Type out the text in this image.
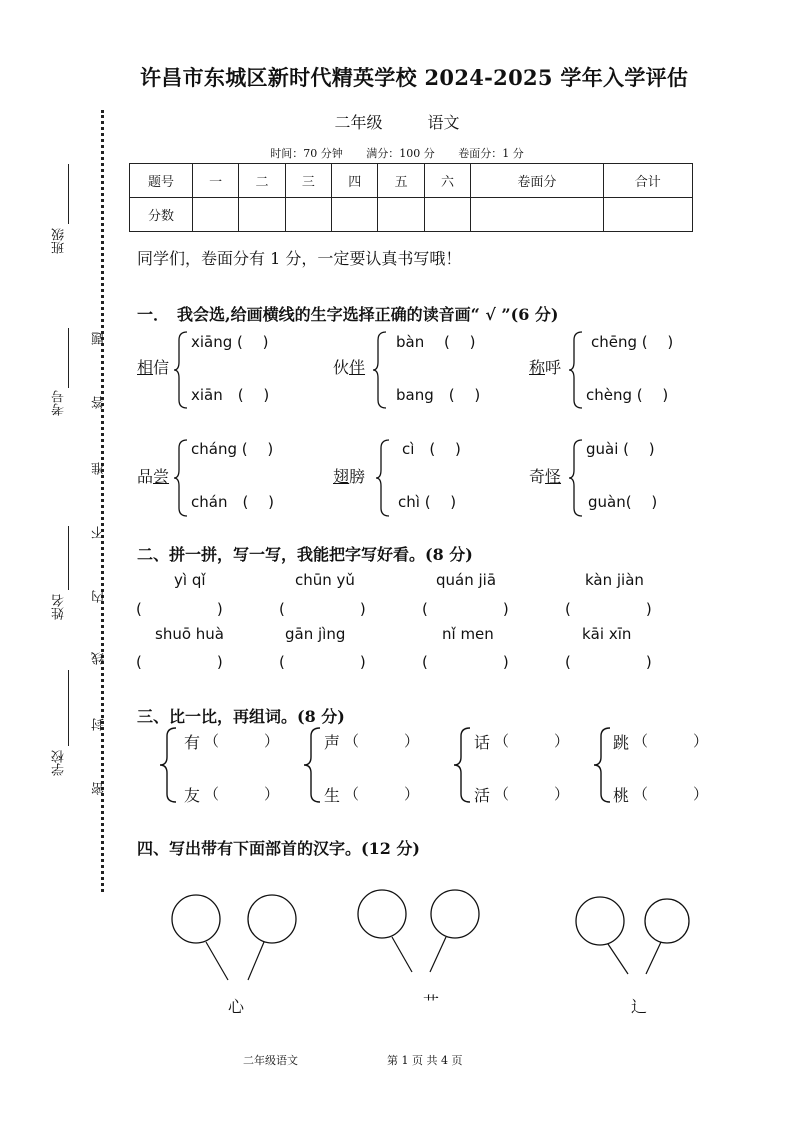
许昌市东城区新时代精英学校 2024-2025 学年入学评估
二年级	语文
时间：70 分钟 满分：100 分 卷面分：1 分
题号	一	二	三	四	五	六	卷面分	合计
分数								
同学们，卷面分有 1 分，一定要认真书写哦！
班级
考号
姓名
学校
密
封
线
内
不
准
答
题
一．　我会选,给画横线的生字选择正确的读音画“ √ ”(6 分)
相信
xiāng (　 )
xiān　(　 )
伙伴
bàn　 (　 )
bang　(　 )
称呼
chēng (　 )
chèng (　 )
品尝
cháng (　 )
chán　(　 )
翅膀
cì　(　 )
chì (　 )
奇怪
guài (　 )
guàn(　 )
二、拼一拼，写一写，我能把字写好看。(8 分)
yì qǐ	chūn yǔ	quán jiā	kàn jiàn
(　　　　　)	(　　　　　)	(　　　　　)	(　　　　　)
shuō huà	gān jìng	nǐ men	kāi xīn
(　　　　　)	(　　　　　)	(　　　　　)	(　　　　　)
三、比一比，再组词。(8 分)
有 （　　　）
友 （　　　）
声 （　　　）
生 （　　　）
话 （　　　）
活 （　　　）
跳 （　　　）
桃 （　　　）
四、写出带有下面部首的汉字。(12 分)
心	艹	辶
二年级语文	第 1 页 共 4 页
